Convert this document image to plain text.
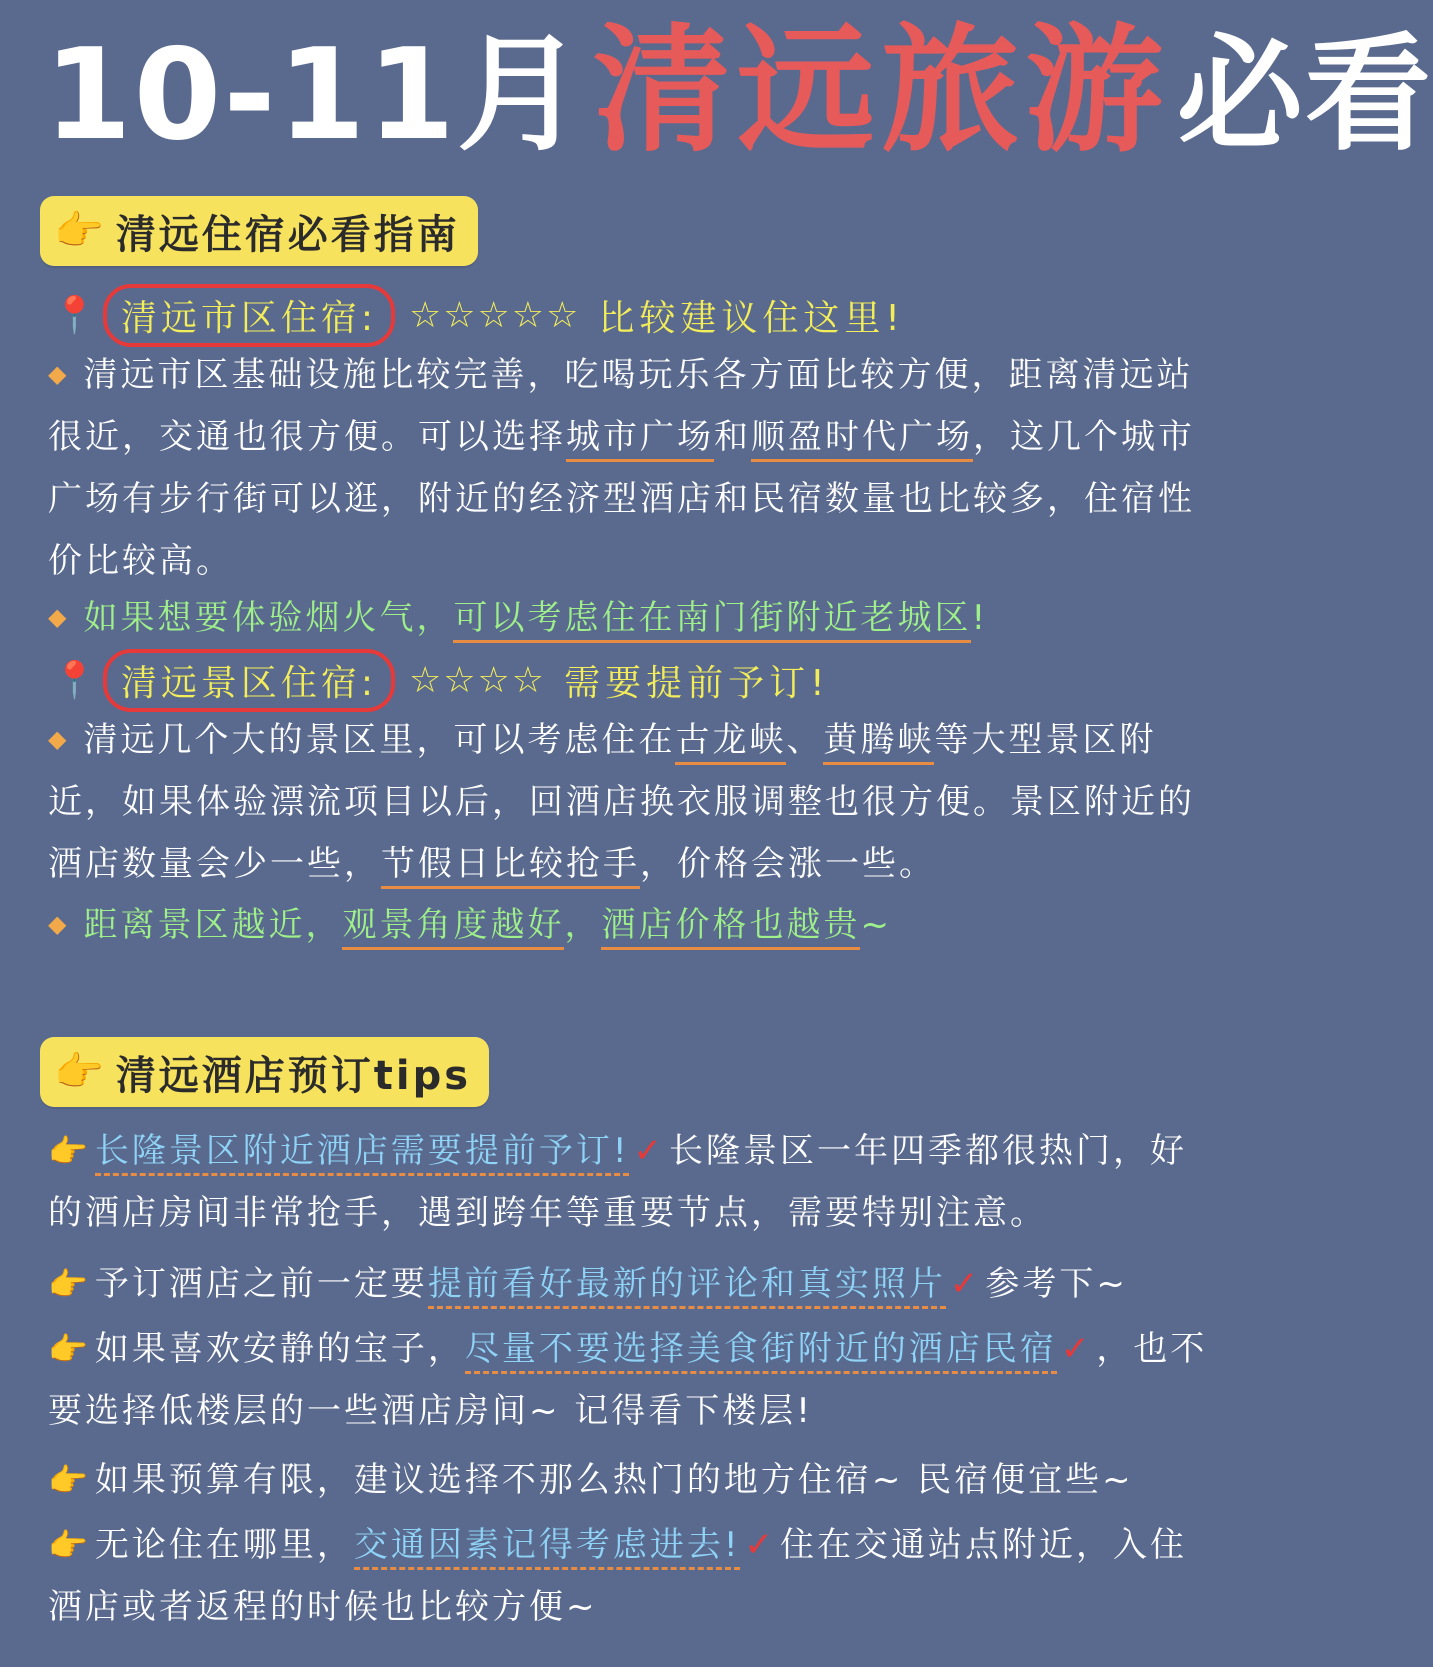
10-11月清远旅游必看
👉 清远住宿必看指南
📍 清远市区住宿: ☆☆☆☆☆ 比较建议住这里!
◆ 清远市区基础设施比较完善，吃喝玩乐各方面比较方便，距离清远站很近，交通也很方便。可以选择城市广场和顺盈时代广场，这几个城市广场有步行街可以逛，附近的经济型酒店和民宿数量也比较多，住宿性价比较高。
◆ 如果想要体验烟火气，可以考虑住在南门街附近老城区!
📍 清远景区住宿: ☆☆☆☆ 需要提前予订!
◆ 清远几个大的景区里，可以考虑住在古龙峡、黄腾峡等大型景区附近，如果体验漂流项目以后，回酒店换衣服调整也很方便。景区附近的酒店数量会少一些，节假日比较抢手，价格会涨一些。
◆ 距离景区越近，观景角度越好，酒店价格也越贵~
👉 清远酒店预订tips
👉 长隆景区附近酒店需要提前予订! ✓ 长隆景区一年四季都很热门，好的酒店房间非常抢手，遇到跨年等重要节点，需要特别注意。
👉 予订酒店之前一定要提前看好最新的评论和真实照片 ✓ 参考下~
👉 如果喜欢安静的宝子，尽量不要选择美食街附近的酒店民宿 ✓ ，也不要选择低楼层的一些酒店房间~ 记得看下楼层!
👉 如果预算有限，建议选择不那么热门的地方住宿~ 民宿便宜些~
👉 无论住在哪里，交通因素记得考虑进去! ✓ 住在交通站点附近，入住酒店或者返程的时候也比较方便~
